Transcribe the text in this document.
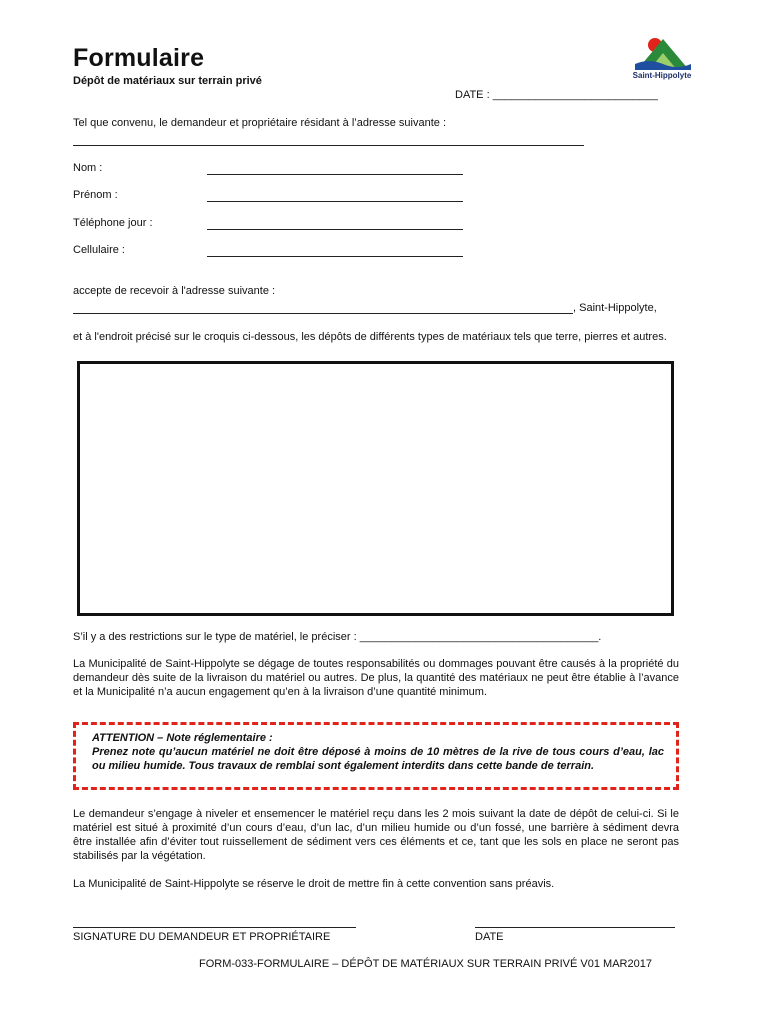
Formulaire
Dépôt de matériaux sur terrain privé	Saint-Hippolyte
DATE : ___________________________
Tel que convenu, le demandeur et propriétaire résidant à l’adresse suivante :
Nom :
Prénom :
Téléphone jour :
Cellulaire :
accepte de recevoir à l'adresse suivante :
, Saint-Hippolyte,
et à l'endroit précisé sur le croquis ci-dessous, les dépôts de différents types de matériaux tels que terre, pierres et autres.
S’il y a des restrictions sur le type de matériel, le préciser : _______________________________________.
La Municipalité de Saint-Hippolyte se dégage de toutes responsabilités ou dommages pouvant être causés à la propriété du demandeur dès suite de la livraison du matériel ou autres. De plus, la quantité des matériaux ne peut être établie à l’avance et la Municipalité n’a aucun engagement qu’en à la livraison d’une quantité minimum.
ATTENTION – Note réglementaire :
Prenez note qu’aucun matériel ne doit être déposé à moins de 10 mètres de la rive de tous cours d’eau, lac ou milieu humide. Tous travaux de remblai sont également interdits dans cette bande de terrain.
Le demandeur s’engage à niveler et ensemencer le matériel reçu dans les 2 mois suivant la date de dépôt de celui-ci. Si le matériel est situé à proximité d’un cours d’eau, d’un lac, d’un milieu humide ou d’un fossé, une barrière à sédiment devra être installée afin d’éviter tout ruissellement de sédiment vers ces éléments et ce, tant que les sols en place ne seront pas stabilisés par la végétation.
La Municipalité de Saint-Hippolyte se réserve le droit de mettre fin à cette convention sans préavis.
SIGNATURE DU DEMANDEUR ET PROPRIÉTAIRE	DATE
FORM-033-FORMULAIRE – DÉPÔT DE MATÉRIAUX SUR TERRAIN PRIVÉ V01 MAR2017
